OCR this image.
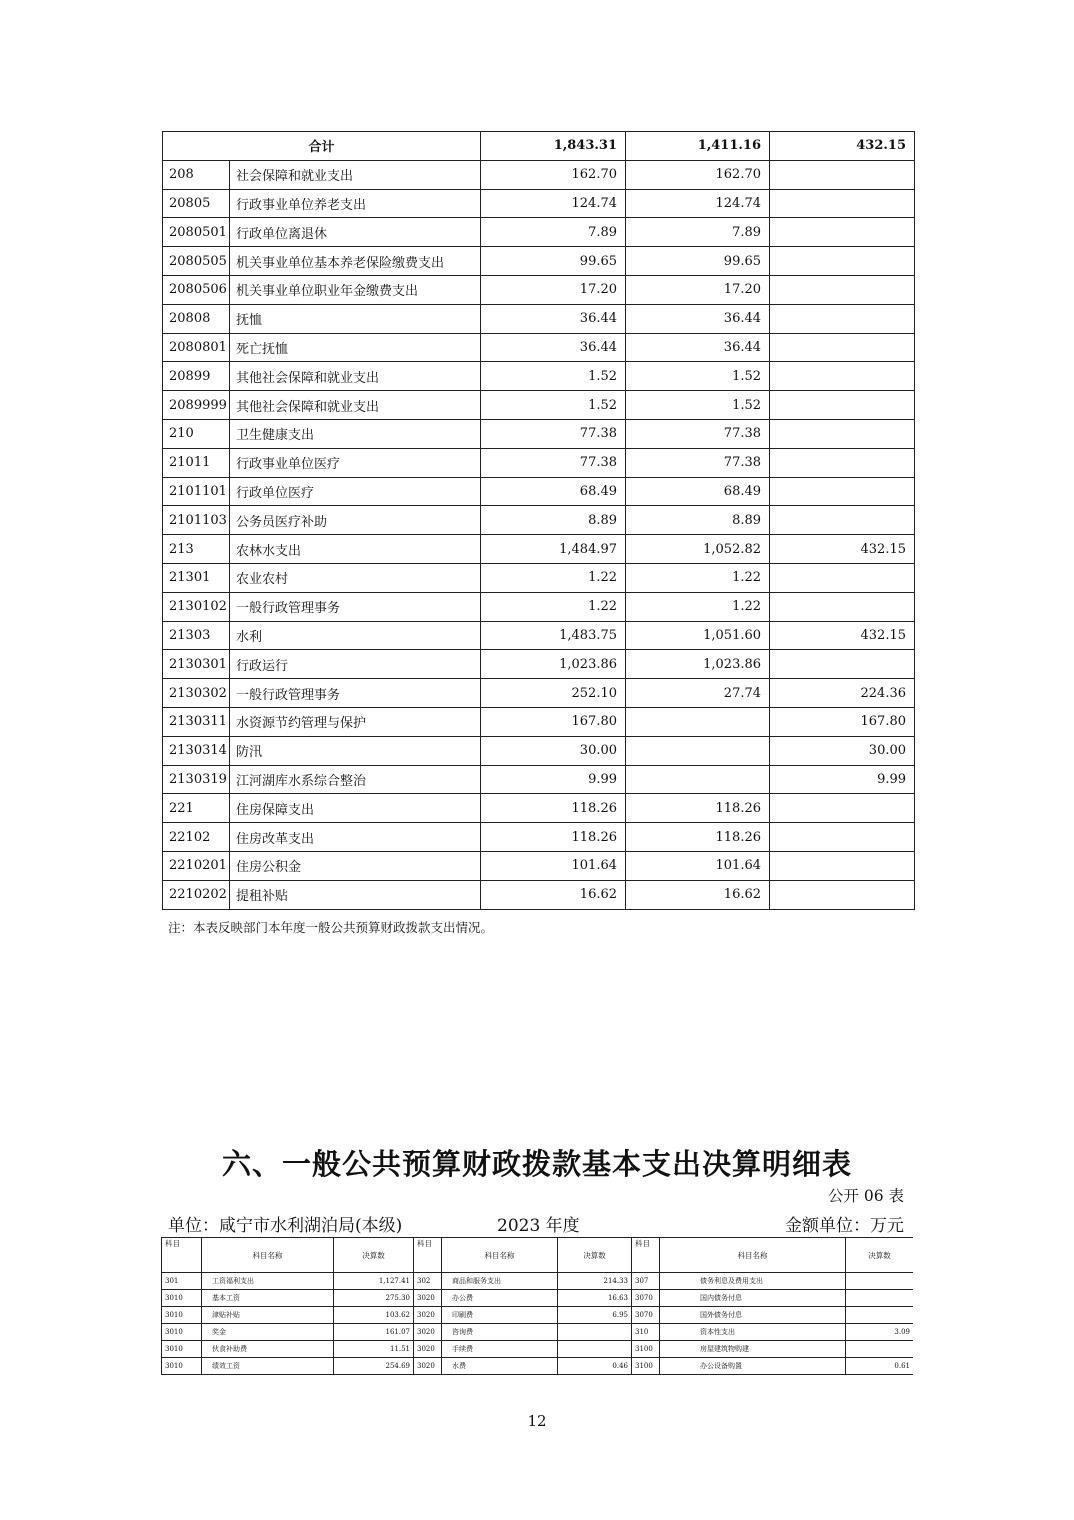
合计		1,843.31	1,411.16	432.15
208	社会保障和就业支出	162.70	162.70	
20805	行政事业单位养老支出	124.74	124.74	
2080501	行政单位离退休	7.89	7.89	
2080505	机关事业单位基本养老保险缴费支出	99.65	99.65	
2080506	机关事业单位职业年金缴费支出	17.20	17.20	
20808	抚恤	36.44	36.44	
2080801	死亡抚恤	36.44	36.44	
20899	其他社会保障和就业支出	1.52	1.52	
2089999	其他社会保障和就业支出	1.52	1.52	
210	卫生健康支出	77.38	77.38	
21011	行政事业单位医疗	77.38	77.38	
2101101	行政单位医疗	68.49	68.49	
2101103	公务员医疗补助	8.89	8.89	
213	农林水支出	1,484.97	1,052.82	432.15
21301	农业农村	1.22	1.22	
2130102	一般行政管理事务	1.22	1.22	
21303	水利	1,483.75	1,051.60	432.15
2130301	行政运行	1,023.86	1,023.86	
2130302	一般行政管理事务	252.10	27.74	224.36
2130311	水资源节约管理与保护	167.80		167.80
2130314	防汛	30.00		30.00
2130319	江河湖库水系综合整治	9.99		9.99
221	住房保障支出	118.26	118.26	
22102	住房改革支出	118.26	118.26	
2210201	住房公积金	101.64	101.64	
2210202	提租补贴	16.62	16.62	
注：本表反映部门本年度一般公共预算财政拨款支出情况。
六、一般公共预算财政拨款基本支出决算明细表
公开 06 表
单位：咸宁市水利湖泊局(本级)	2023 年度	金额单位：万元
科目	科目名称	决算数	科目	科目名称	决算数	科目	科目名称	决算数
301	工资福利支出	1,127.41	302	商品和服务支出	214.33	307	债务利息及费用支出	
3010	基本工资	275.30	3020	办公费	16.63	3070	国内债务付息	
3010	津贴补贴	103.62	3020	印刷费	6.95	3070	国外债务付息	
3010	奖金	161.07	3020	咨询费		310	资本性支出	3.09
3010	伙食补助费	11.51	3020	手续费		3100	房屋建筑物购建	
3010	绩效工资	254.69	3020	水费	0.46	3100	办公设备购置	0.61
12
